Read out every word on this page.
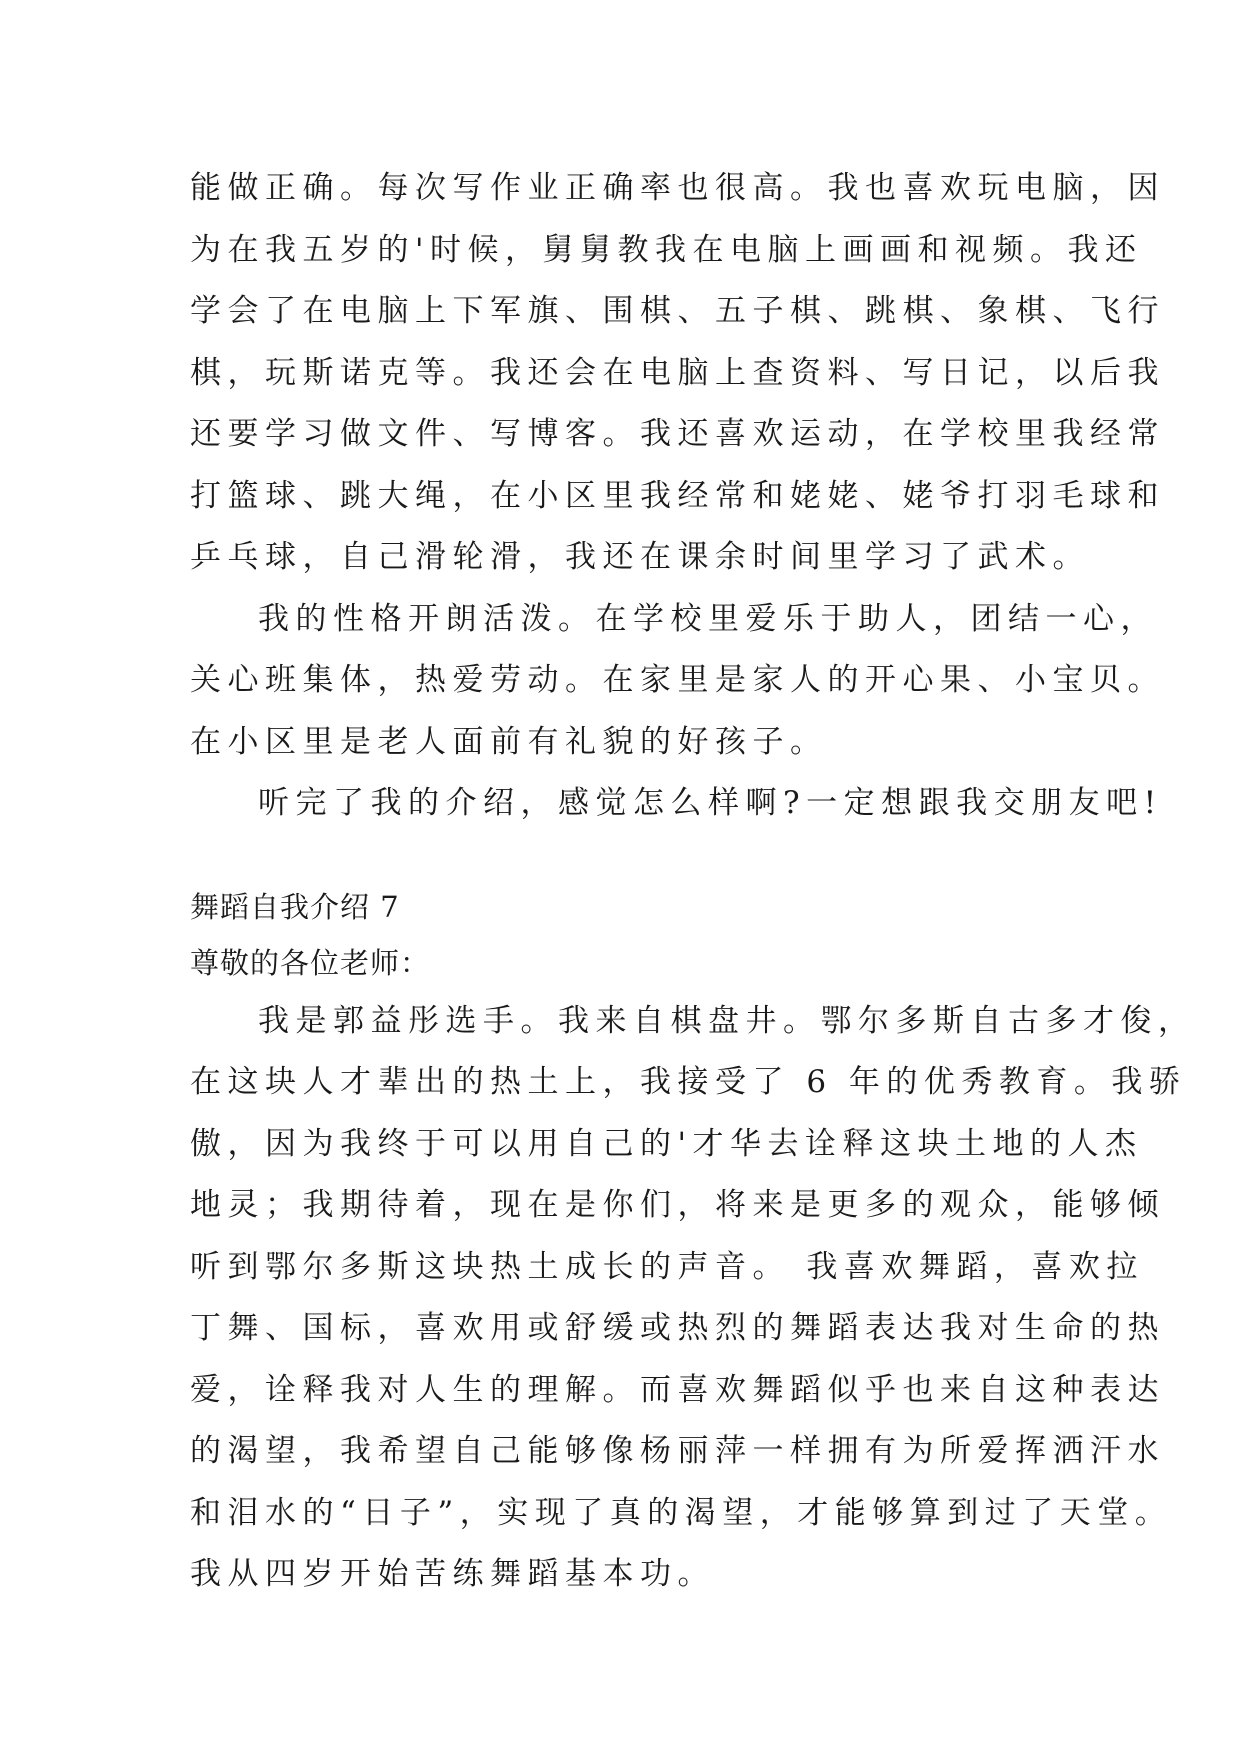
能做正确。每次写作业正确率也很高。我也喜欢玩电脑，因
为在我五岁的'时候，舅舅教我在电脑上画画和视频。我还
学会了在电脑上下军旗、围棋、五子棋、跳棋、象棋、飞行
棋，玩斯诺克等。我还会在电脑上查资料、写日记，以后我
还要学习做文件、写博客。我还喜欢运动，在学校里我经常
打篮球、跳大绳，在小区里我经常和姥姥、姥爷打羽毛球和
乒乓球，自己滑轮滑，我还在课余时间里学习了武术。
我的性格开朗活泼。在学校里爱乐于助人，团结一心，
关心班集体，热爱劳动。在家里是家人的开心果、小宝贝。
在小区里是老人面前有礼貌的好孩子。
听完了我的介绍，感觉怎么样啊?一定想跟我交朋友吧!
舞蹈自我介绍 7
尊敬的各位老师：
我是郭益彤选手。我来自棋盘井。鄂尔多斯自古多才俊，
在这块人才辈出的热土上，我接受了 6 年的优秀教育。我骄
傲，因为我终于可以用自己的'才华去诠释这块土地的人杰
地灵；我期待着，现在是你们，将来是更多的观众，能够倾
听到鄂尔多斯这块热土成长的声音。 我喜欢舞蹈，喜欢拉
丁舞、国标，喜欢用或舒缓或热烈的舞蹈表达我对生命的热
爱，诠释我对人生的理解。而喜欢舞蹈似乎也来自这种表达
的渴望，我希望自己能够像杨丽萍一样拥有为所爱挥洒汗水
和泪水的“日子”，实现了真的渴望，才能够算到过了天堂。
我从四岁开始苦练舞蹈基本功。
